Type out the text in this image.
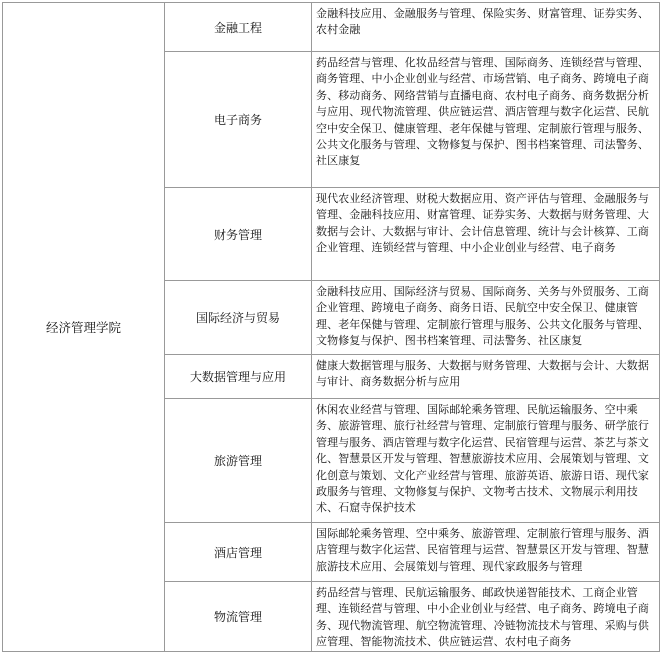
经济管理学院
金融工程
金融科技应用、金融服务与管理、保险实务、财富管理、证券实务、农村金融
电子商务
药品经营与管理、化妆品经营与管理、国际商务、连锁经营与管理、商务管理、中小企业创业与经营、市场营销、电子商务、跨境电子商务、移动商务、网络营销与直播电商、农村电子商务、商务数据分析与应用、现代物流管理、供应链运营、酒店管理与数字化运营、民航空中安全保卫、健康管理、老年保健与管理、定制旅行管理与服务、公共文化服务与管理、文物修复与保护、图书档案管理、司法警务、社区康复
财务管理
现代农业经济管理、财税大数据应用、资产评估与管理、金融服务与管理、金融科技应用、财富管理、证券实务、大数据与财务管理、大数据与会计、大数据与审计、会计信息管理、统计与会计核算、工商企业管理、连锁经营与管理、中小企业创业与经营、电子商务
国际经济与贸易
金融科技应用、国际经济与贸易、国际商务、关务与外贸服务、工商企业管理、跨境电子商务、商务日语、民航空中安全保卫、健康管理、老年保健与管理、定制旅行管理与服务、公共文化服务与管理、文物修复与保护、图书档案管理、司法警务、社区康复
大数据管理与应用
健康大数据管理与服务、大数据与财务管理、大数据与会计、大数据与审计、商务数据分析与应用
旅游管理
休闲农业经营与管理、国际邮轮乘务管理、民航运输服务、空中乘务、旅游管理、旅行社经营与管理、定制旅行管理与服务、研学旅行管理与服务、酒店管理与数字化运营、民宿管理与运营、茶艺与茶文化、智慧景区开发与管理、智慧旅游技术应用、会展策划与管理、文化创意与策划、文化产业经营与管理、旅游英语、旅游日语、现代家政服务与管理、文物修复与保护、文物考古技术、文物展示利用技术、石窟寺保护技术
酒店管理
国际邮轮乘务管理、空中乘务、旅游管理、定制旅行管理与服务、酒店管理与数字化运营、民宿管理与运营、智慧景区开发与管理、智慧旅游技术应用、会展策划与管理、现代家政服务与管理
物流管理
药品经营与管理、民航运输服务、邮政快递智能技术、工商企业管理、连锁经营与管理、中小企业创业与经营、电子商务、跨境电子商务、现代物流管理、航空物流管理、冷链物流技术与管理、采购与供应管理、智能物流技术、供应链运营、农村电子商务
